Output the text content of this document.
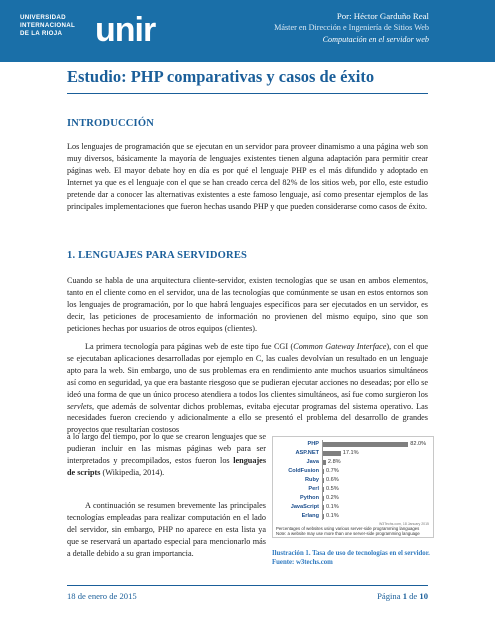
UNIVERSIDAD
INTERNACIONAL
DE LA RIOJA unir	Por: Héctor Garduño Real
Máster en Dirección e Ingeniería de Sitios Web
Computación en el servidor web
Estudio: PHP comparativas y casos de éxito
INTRODUCCIÓN
Los lenguajes de programación que se ejecutan en un servidor para proveer dinamismo a una página web son muy diversos, básicamente la mayoría de lenguajes existentes tienen alguna adaptación para permitir crear páginas web. El mayor debate hoy en día es por qué el lenguaje PHP es el más difundido y adoptado en Internet ya que es el lenguaje con el que se han creado cerca del 82% de los sitios web, por ello, este estudio pretende dar a conocer las alternativas existentes a este famoso lenguaje, así como presentar ejemplos de las principales implementaciones que fueron hechas usando PHP y que pueden considerarse como casos de éxito.
1. LENGUAJES PARA SERVIDORES
Cuando se habla de una arquitectura cliente-servidor, existen tecnologías que se usan en ambos elementos, tanto en el cliente como en el servidor, una de las tecnologías que comúnmente se usan en estos entornos son los lenguajes de programación, por lo que habrá lenguajes específicos para ser ejecutados en un servidor, es decir, las peticiones de procesamiento de información no provienen del mismo equipo, sino que son peticiones hechas por usuarios de otros equipos (clientes).
La primera tecnología para páginas web de este tipo fue CGI (Common Gateway Interface), con el que se ejecutaban aplicaciones desarrolladas por ejemplo en C, las cuales devolvían un resultado en un lenguaje apto para la web. Sin embargo, uno de sus problemas era en rendimiento ante muchos usuarios simultáneos así como en seguridad, ya que era bastante riesgoso que se pudieran ejecutar acciones no deseadas; por ello se ideó una forma de que un único proceso atendiera a todos los clientes simultáneos, así fue como surgieron los servlets, que además de solventar dichos problemas, evitaba ejecutar programas del sistema operativo. Las necesidades fueron creciendo y adicionalmente a ello se presentó el problema del desarrollo de grandes proyectos que resultarían costosos
a lo largo del tiempo, por lo que se crearon lenguajes que se pudieran incluir en las mismas páginas web para ser interpretados y precompilados, estos fueron los lenguajes de scripts (Wikipedia, 2014).
A continuación se resumen brevemente las principales tecnologías empleadas para realizar computación en el lado del servidor, sin embargo, PHP no aparece en esta lista ya que se reservará un apartado especial para mencionarlo más a detalle debido a su gran importancia.
W3Techs.com, 18 January 2015
Percentages of websites using various server-side programming languages
Note: a website may use more than one server-side programming language
PHP	82.0%
ASP.NET	17.1%
Java 2.8%
ColdFusion 0.7%
Ruby 0.6%
Perl 0.5%
Python 0.2%
JavaScript 0.1%
Erlang 0.1%
Ilustración 1. Tasa de uso de tecnologías en el servidor. Fuente: w3techs.com
18 de enero de 2015	Página 1 de 10
